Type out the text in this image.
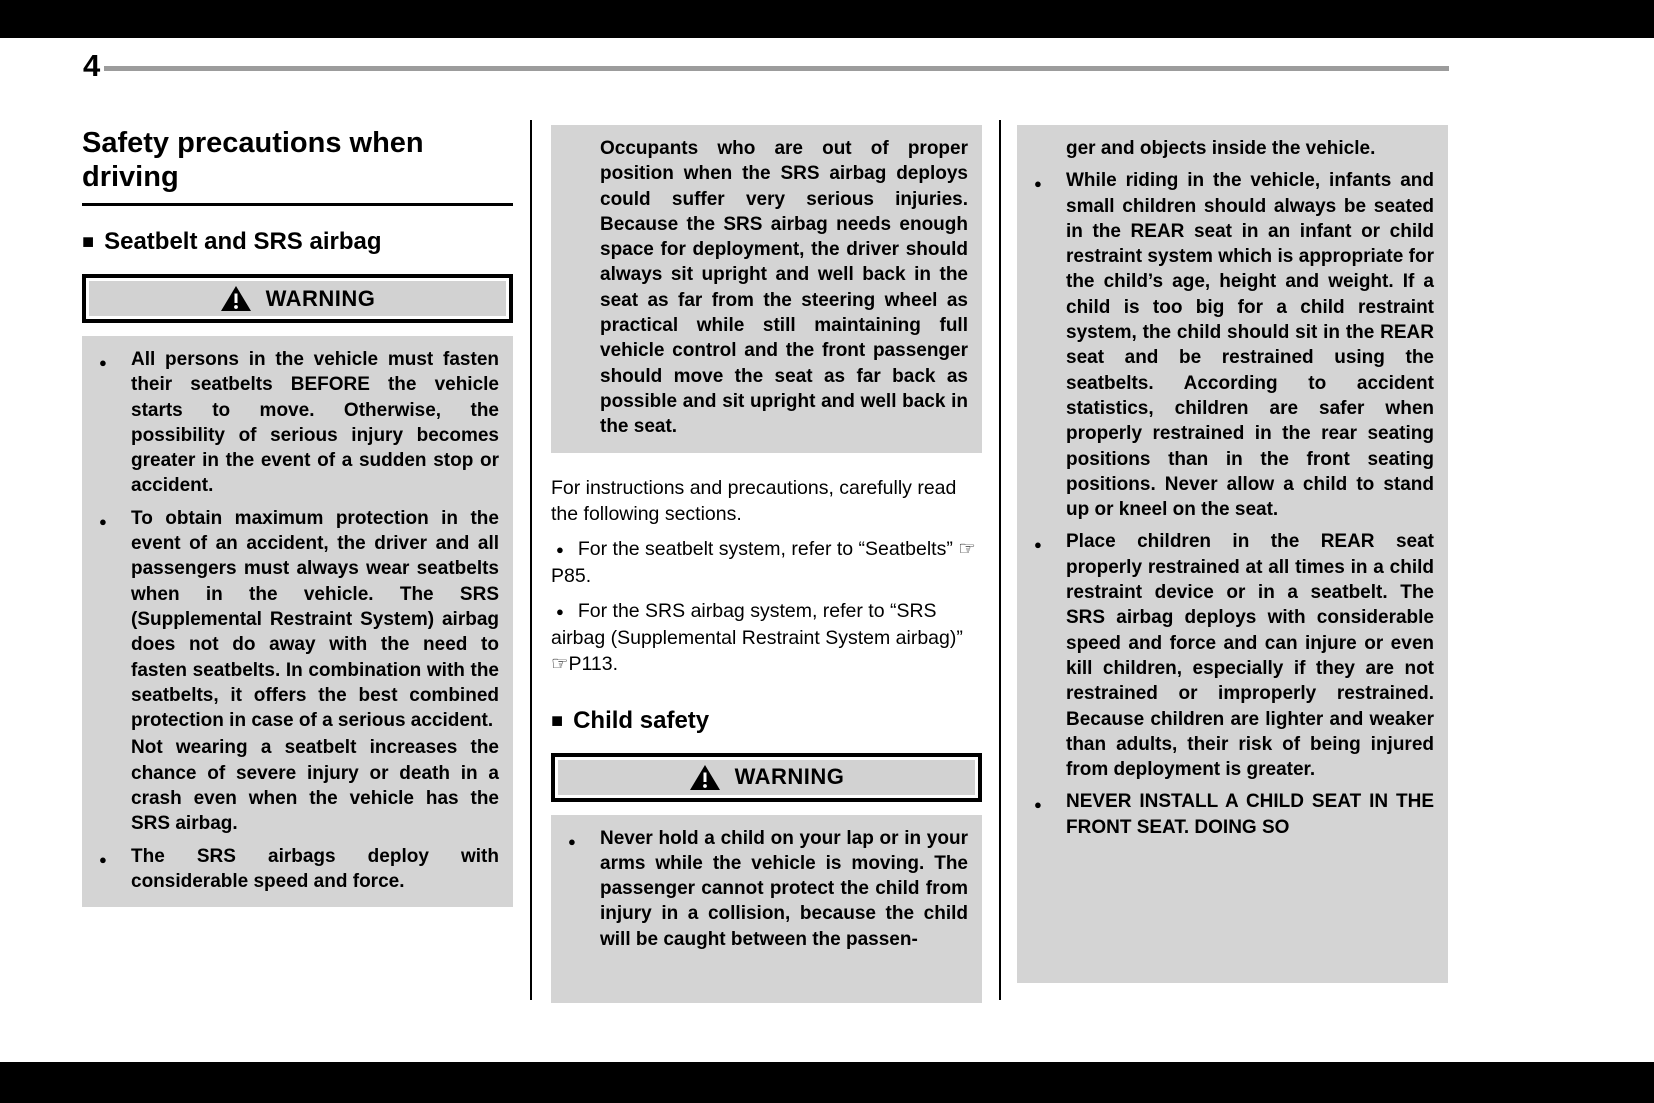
4
Safety precautions when driving
■ Seatbelt and SRS airbag
WARNING
● All persons in the vehicle must fasten their seatbelts BEFORE the vehicle starts to move. Otherwise, the possibility of serious injury becomes greater in the event of a sudden stop or accident.
● To obtain maximum protection in the event of an accident, the driver and all passengers must always wear seatbelts when in the vehicle. The SRS (Supplemental Restraint System) airbag does not do away with the need to fasten seatbelts. In combination with the seatbelts, it offers the best combined protection in case of a serious accident.

Not wearing a seatbelt increases the chance of severe injury or death in a crash even when the vehicle has the SRS airbag.

● The SRS airbags deploy with considerable speed and force.

Occupants who are out of proper position when the SRS airbag deploys could suffer very serious injuries. Because the SRS airbag needs enough space for deployment, the driver should always sit upright and well back in the seat as far from the steering wheel as practical while still maintaining full vehicle control and the front passenger should move the seat as far back as possible and sit upright and well back in the seat.

For instructions and precautions, carefully read the following sections.

● For the seatbelt system, refer to “Seatbelts” ☞P85.

● For the SRS airbag system, refer to “SRS airbag (Supplemental Restraint System airbag)” ☞P113.

■ Child safety
WARNING
● Never hold a child on your lap or in your arms while the vehicle is moving. The passenger cannot protect the child from injury in a collision, because the child will be caught between the passen-

ger and objects inside the vehicle.

● While riding in the vehicle, infants and small children should always be seated in the REAR seat in an infant or child restraint system which is appropriate for the child’s age, height and weight. If a child is too big for a child restraint system, the child should sit in the REAR seat and be restrained using the seatbelts. According to accident statistics, children are safer when properly restrained in the rear seating positions than in the front seating positions. Never allow a child to stand up or kneel on the seat.
● Place children in the REAR seat properly restrained at all times in a child restraint device or in a seatbelt. The SRS airbag deploys with considerable speed and force and can injure or even kill children, especially if they are not restrained or improperly restrained. Because children are lighter and weaker than adults, their risk of being injured from deployment is greater.
● NEVER INSTALL A CHILD SEAT IN THE FRONT SEAT. DOING SO
